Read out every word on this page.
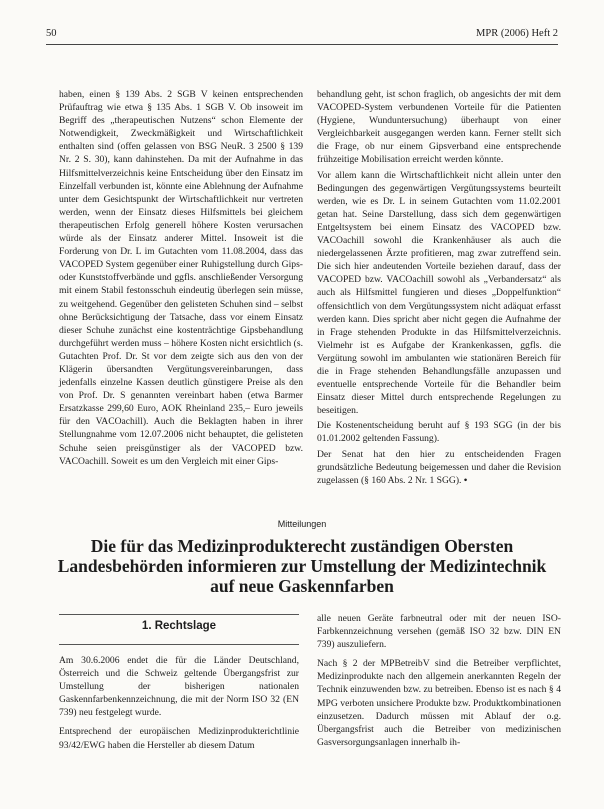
50	MPR (2006) Heft 2

haben, einen § 139 Abs. 2 SGB V keinen entsprechenden Prüfauftrag wie etwa § 135 Abs. 1 SGB V. Ob insoweit im Begriff des „therapeutischen Nutzens“ schon Elemente der Notwendigkeit, Zweckmäßigkeit und Wirtschaftlichkeit enthalten sind (offen gelassen von BSG NeuR. 3 2500 § 139 Nr. 2 S. 30), kann dahinstehen. Da mit der Aufnahme in das Hilfsmittelverzeichnis keine Entscheidung über den Einsatz im Einzelfall verbunden ist, könnte eine Ablehnung der Aufnahme unter dem Gesichtspunkt der Wirtschaftlichkeit nur vertreten werden, wenn der Einsatz dieses Hilfsmittels bei gleichem therapeutischen Erfolg generell höhere Kosten verursachen würde als der Einsatz anderer Mittel. Insoweit ist die Forderung von Dr. L im Gutachten vom 11.08.2004, dass das VACOPED System gegenüber einer Ruhigstellung durch Gips- oder Kunststoffverbände und ggfls. anschließender Versorgung mit einem Stabil festonsschuh eindeutig überlegen sein müsse, zu weitgehend. Gegenüber den gelisteten Schuhen sind – selbst ohne Berücksichtigung der Tatsache, dass vor einem Einsatz dieser Schuhe zunächst eine kostenträchtige Gipsbehandlung durchgeführt werden muss – höhere Kosten nicht ersichtlich (s. Gutachten Prof. Dr. St vor dem zeigte sich aus den von der Klägerin übersandten Vergütungsvereinbarungen, dass jedenfalls einzelne Kassen deutlich günstigere Preise als den von Prof. Dr. S genannten vereinbart haben (etwa Barmer Ersatzkasse 299,60 Euro, AOK Rheinland 235,– Euro jeweils für den VACOachill). Auch die Beklagten haben in ihrer Stellungnahme vom 12.07.2006 nicht behauptet, die gelisteten Schuhe seien preisgünstiger als der VACOPED bzw. VACOachill. Soweit es um den Vergleich mit einer Gips-

behandlung geht, ist schon fraglich, ob angesichts der mit dem VACOPED-System verbundenen Vorteile für die Patienten (Hygiene, Wunduntersuchung) überhaupt von einer Vergleichbarkeit ausgegangen werden kann. Ferner stellt sich die Frage, ob nur einem Gipsverband eine entsprechende frühzeitige Mobilisation erreicht werden könnte.

Vor allem kann die Wirtschaftlichkeit nicht allein unter den Bedingungen des gegenwärtigen Vergütungssystems beurteilt werden, wie es Dr. L in seinem Gutachten vom 11.02.2001 getan hat. Seine Darstellung, dass sich dem gegenwärtigen Entgeltsystem bei einem Einsatz des VACOPED bzw. VACOachill sowohl die Krankenhäuser als auch die niedergelassenen Ärzte profitieren, mag zwar zutreffend sein. Die sich hier andeutenden Vorteile beziehen darauf, dass der VACOPED bzw. VACOachill sowohl als „Verbandersatz“ als auch als Hilfsmittel fungieren und dieses „Doppelfunktion“ offensichtlich von dem Vergütungssystem nicht adäquat erfasst werden kann. Dies spricht aber nicht gegen die Aufnahme der in Frage stehenden Produkte in das Hilfsmittelverzeichnis. Vielmehr ist es Aufgabe der Krankenkassen, ggfls. die Vergütung sowohl im ambulanten wie stationären Bereich für die in Frage stehenden Behandlungsfälle anzupassen und eventuelle entsprechende Vorteile für die Behandler beim Einsatz dieser Mittel durch entsprechende Regelungen zu beseitigen.

Die Kostenentscheidung beruht auf § 193 SGG (in der bis 01.01.2002 geltenden Fassung).

Der Senat hat den hier zu entscheidenden Fragen grundsätzliche Bedeutung beigemessen und daher die Revision zugelassen (§ 160 Abs. 2 Nr. 1 SGG). •

Mitteilungen
Die für das Medizinprodukterecht zuständigen Obersten
Landesbehörden informieren zur Umstellung der Medizintechnik
auf neue Gaskennfarben
1. Rechtslage

Am 30.6.2006 endet die für die Länder Deutschland, Österreich und die Schweiz geltende Übergangsfrist zur Umstellung der bisherigen nationalen Gaskennfarbenkennzeichnung, die mit der Norm ISO 32 (EN 739) neu festgelegt wurde.

Entsprechend der europäischen Medizinprodukterichtlinie 93/42/EWG haben die Hersteller ab diesem Datum

alle neuen Geräte farbneutral oder mit der neuen ISO-Farbkennzeichnung versehen (gemäß ISO 32 bzw. DIN EN 739) auszuliefern.

Nach § 2 der MPBetreibV sind die Betreiber verpflichtet, Medizinprodukte nach den allgemein anerkannten Regeln der Technik einzuwenden bzw. zu betreiben. Ebenso ist es nach § 4 MPG verboten unsichere Produkte bzw. Produktkombinationen einzusetzen. Dadurch müssen mit Ablauf der o.g. Übergangsfrist auch die Betreiber von medizinischen Gasversorgungsanlagen innerhalb ih-
